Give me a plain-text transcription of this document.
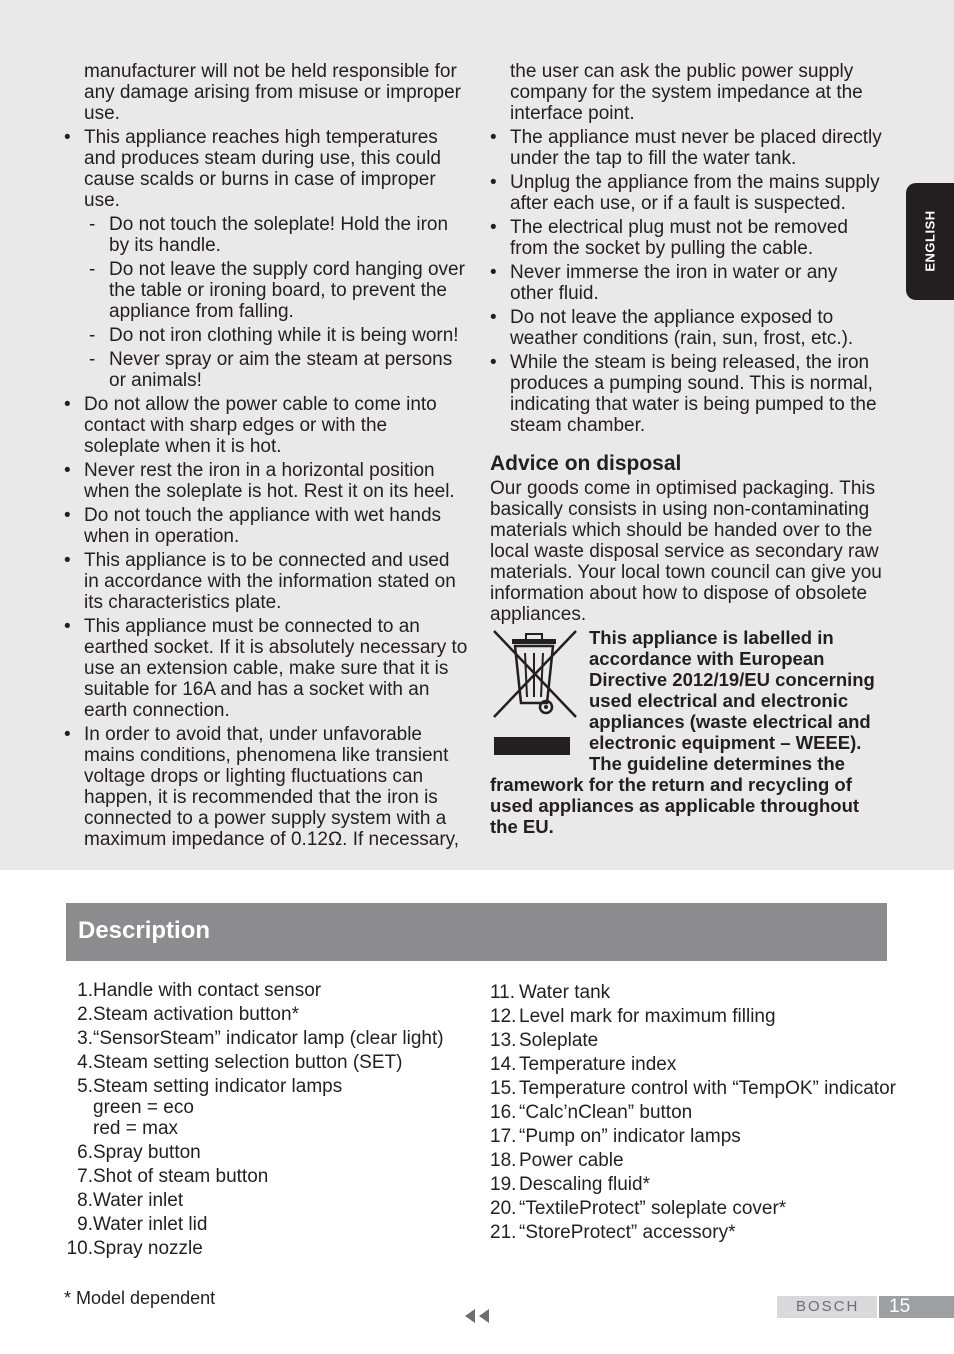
manufacturer will not be held responsible for any damage arising from misuse or improper use.
• This appliance reaches high temperatures and produces steam during use, this could cause scalds or burns in case of improper use.
- Do not touch the soleplate! Hold the iron by its handle.
- Do not leave the supply cord hanging over the table or ironing board, to prevent the appliance from falling.
- Do not iron clothing while it is being worn!
- Never spray or aim the steam at persons or animals!
• Do not allow the power cable to come into contact with sharp edges or with the soleplate when it is hot.
• Never rest the iron in a horizontal position when the soleplate is hot. Rest it on its heel.
• Do not touch the appliance with wet hands when in operation.
• This appliance is to be connected and used in accordance with the information stated on its characteristics plate.
• This appliance must be connected to an earthed socket. If it is absolutely necessary to use an extension cable, make sure that it is suitable for 16A and has a socket with an earth connection.
• In order to avoid that, under unfavorable mains conditions, phenomena like transient voltage drops or lighting fluctuations can happen, it is recommended that the iron is connected to a power supply system with a maximum impedance of 0.12Ω. If necessary,
the user can ask the public power supply company for the system impedance at the interface point.
• The appliance must never be placed directly under the tap to fill the water tank.
• Unplug the appliance from the mains supply after each use, or if a fault is suspected.
• The electrical plug must not be removed from the socket by pulling the cable.
• Never immerse the iron in water or any other fluid.
• Do not leave the appliance exposed to weather conditions (rain, sun, frost, etc.).
• While the steam is being released, the iron produces a pumping sound. This is normal, indicating that water is being pumped to the steam chamber.
Advice on disposal
Our goods come in optimised packaging. This basically consists in using non-contaminating materials which should be handed over to the local waste disposal service as secondary raw materials. Your local town council can give you information about how to dispose of obsolete appliances.
This appliance is labelled in accordance with European Directive 2012/19/EU concerning used electrical and electronic appliances (waste electrical and electronic equipment – WEEE). The guideline determines the framework for the return and recycling of used appliances as applicable throughout the EU.
ENGLISH
Description
1. Handle with contact sensor
2. Steam activation button*
3. “SensorSteam” indicator lamp (clear light)
4. Steam setting selection button (SET)
5. Steam setting indicator lamps
green = eco
red = max
6. Spray button
7. Shot of steam button
8. Water inlet
9. Water inlet lid
10. Spray nozzle
11. Water tank
12. Level mark for maximum filling
13. Soleplate
14. Temperature index
15. Temperature control with “TempOK” indicator
16. “Calc’nClean” button
17. “Pump on” indicator lamps
18. Power cable
19. Descaling fluid*
20. “TextileProtect” soleplate cover*
21. “StoreProtect” accessory*
* Model dependent	BOSCH 15
